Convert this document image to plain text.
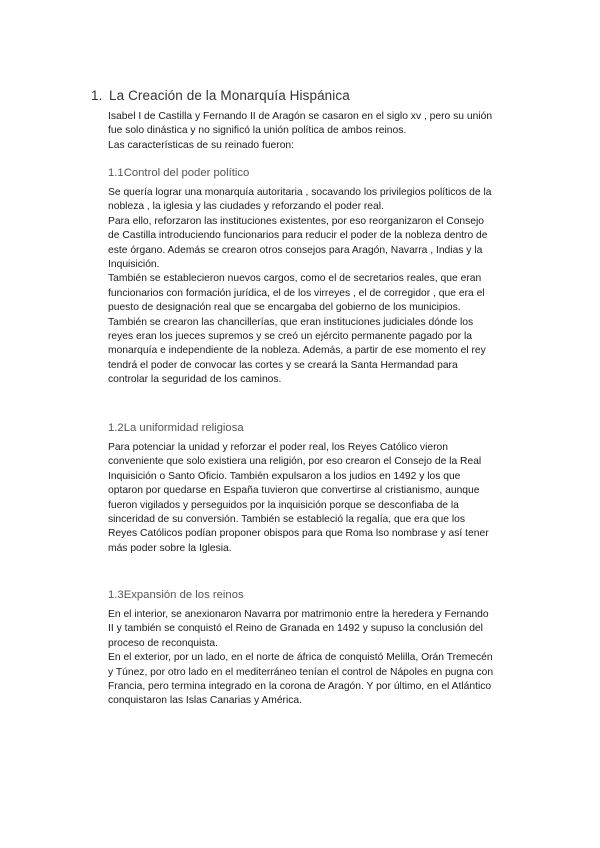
1. La Creación de la Monarquía Hispánica

Isabel I de Castilla y Fernando II de Aragón se casaron en el siglo xv , pero su unión

fue solo dinástica y no significó la unión política de ambos reinos.

Las características de su reinado fueron:

1.1Control del poder político

Se quería lograr una monarquía autoritaria , socavando los privilegios políticos de la

nobleza , la iglesia y las ciudades y reforzando el poder real.

Para ello, reforzaron las instituciones existentes, por eso reorganizaron el Consejo

de Castilla introduciendo funcionarios para reducir el poder de la nobleza dentro de

este órgano. Además se crearon otros consejos para Aragón, Navarra , Indias y la

Inquisición.

También se establecieron nuevos cargos, como el de secretarios reales, que eran

funcionarios con formación jurídica, el de los virreyes , el de corregidor , que era el

puesto de designación real que se encargaba del gobierno de los municipios.

También se crearon las chancillerías, que eran instituciones judiciales dónde los

reyes eran los jueces supremos y se creó un ejército permanente pagado por la

monarquía e independiente de la nobleza. Además, a partir de ese momento el rey

tendrá el poder de convocar las cortes y se creará la Santa Hermandad para

controlar la seguridad de los caminos.

1.2La uniformidad religiosa

Para potenciar la unidad y reforzar el poder real, los Reyes Católico vieron

conveniente que solo existiera una religión, por eso crearon el Consejo de la Real

Inquisición o Santo Oficio. También expulsaron a los judios en 1492 y los que

optaron por quedarse en España tuvieron que convertirse al cristianismo, aunque

fueron vigilados y perseguidos por la inquisición porque se desconfiaba de la

sinceridad de su conversión. También se estableció la regalía, que era que los

Reyes Católicos podían proponer obispos para que Roma lso nombrase y así tener

más poder sobre la Iglesia.

1.3Expansión de los reinos

En el interior, se anexionaron Navarra por matrimonio entre la heredera y Fernando

II y también se conquistó el Reino de Granada en 1492 y supuso la conclusión del

proceso de reconquista.

En el exterior, por un lado, en el norte de áfrica de conquistó Melilla, Orán Tremecén

y Túnez, por otro lado en el mediterráneo tenían el control de Nápoles en pugna con

Francia, pero termina integrado en la corona de Aragón. Y por último, en el Atlántico

conquistaron las Islas Canarias y América.
